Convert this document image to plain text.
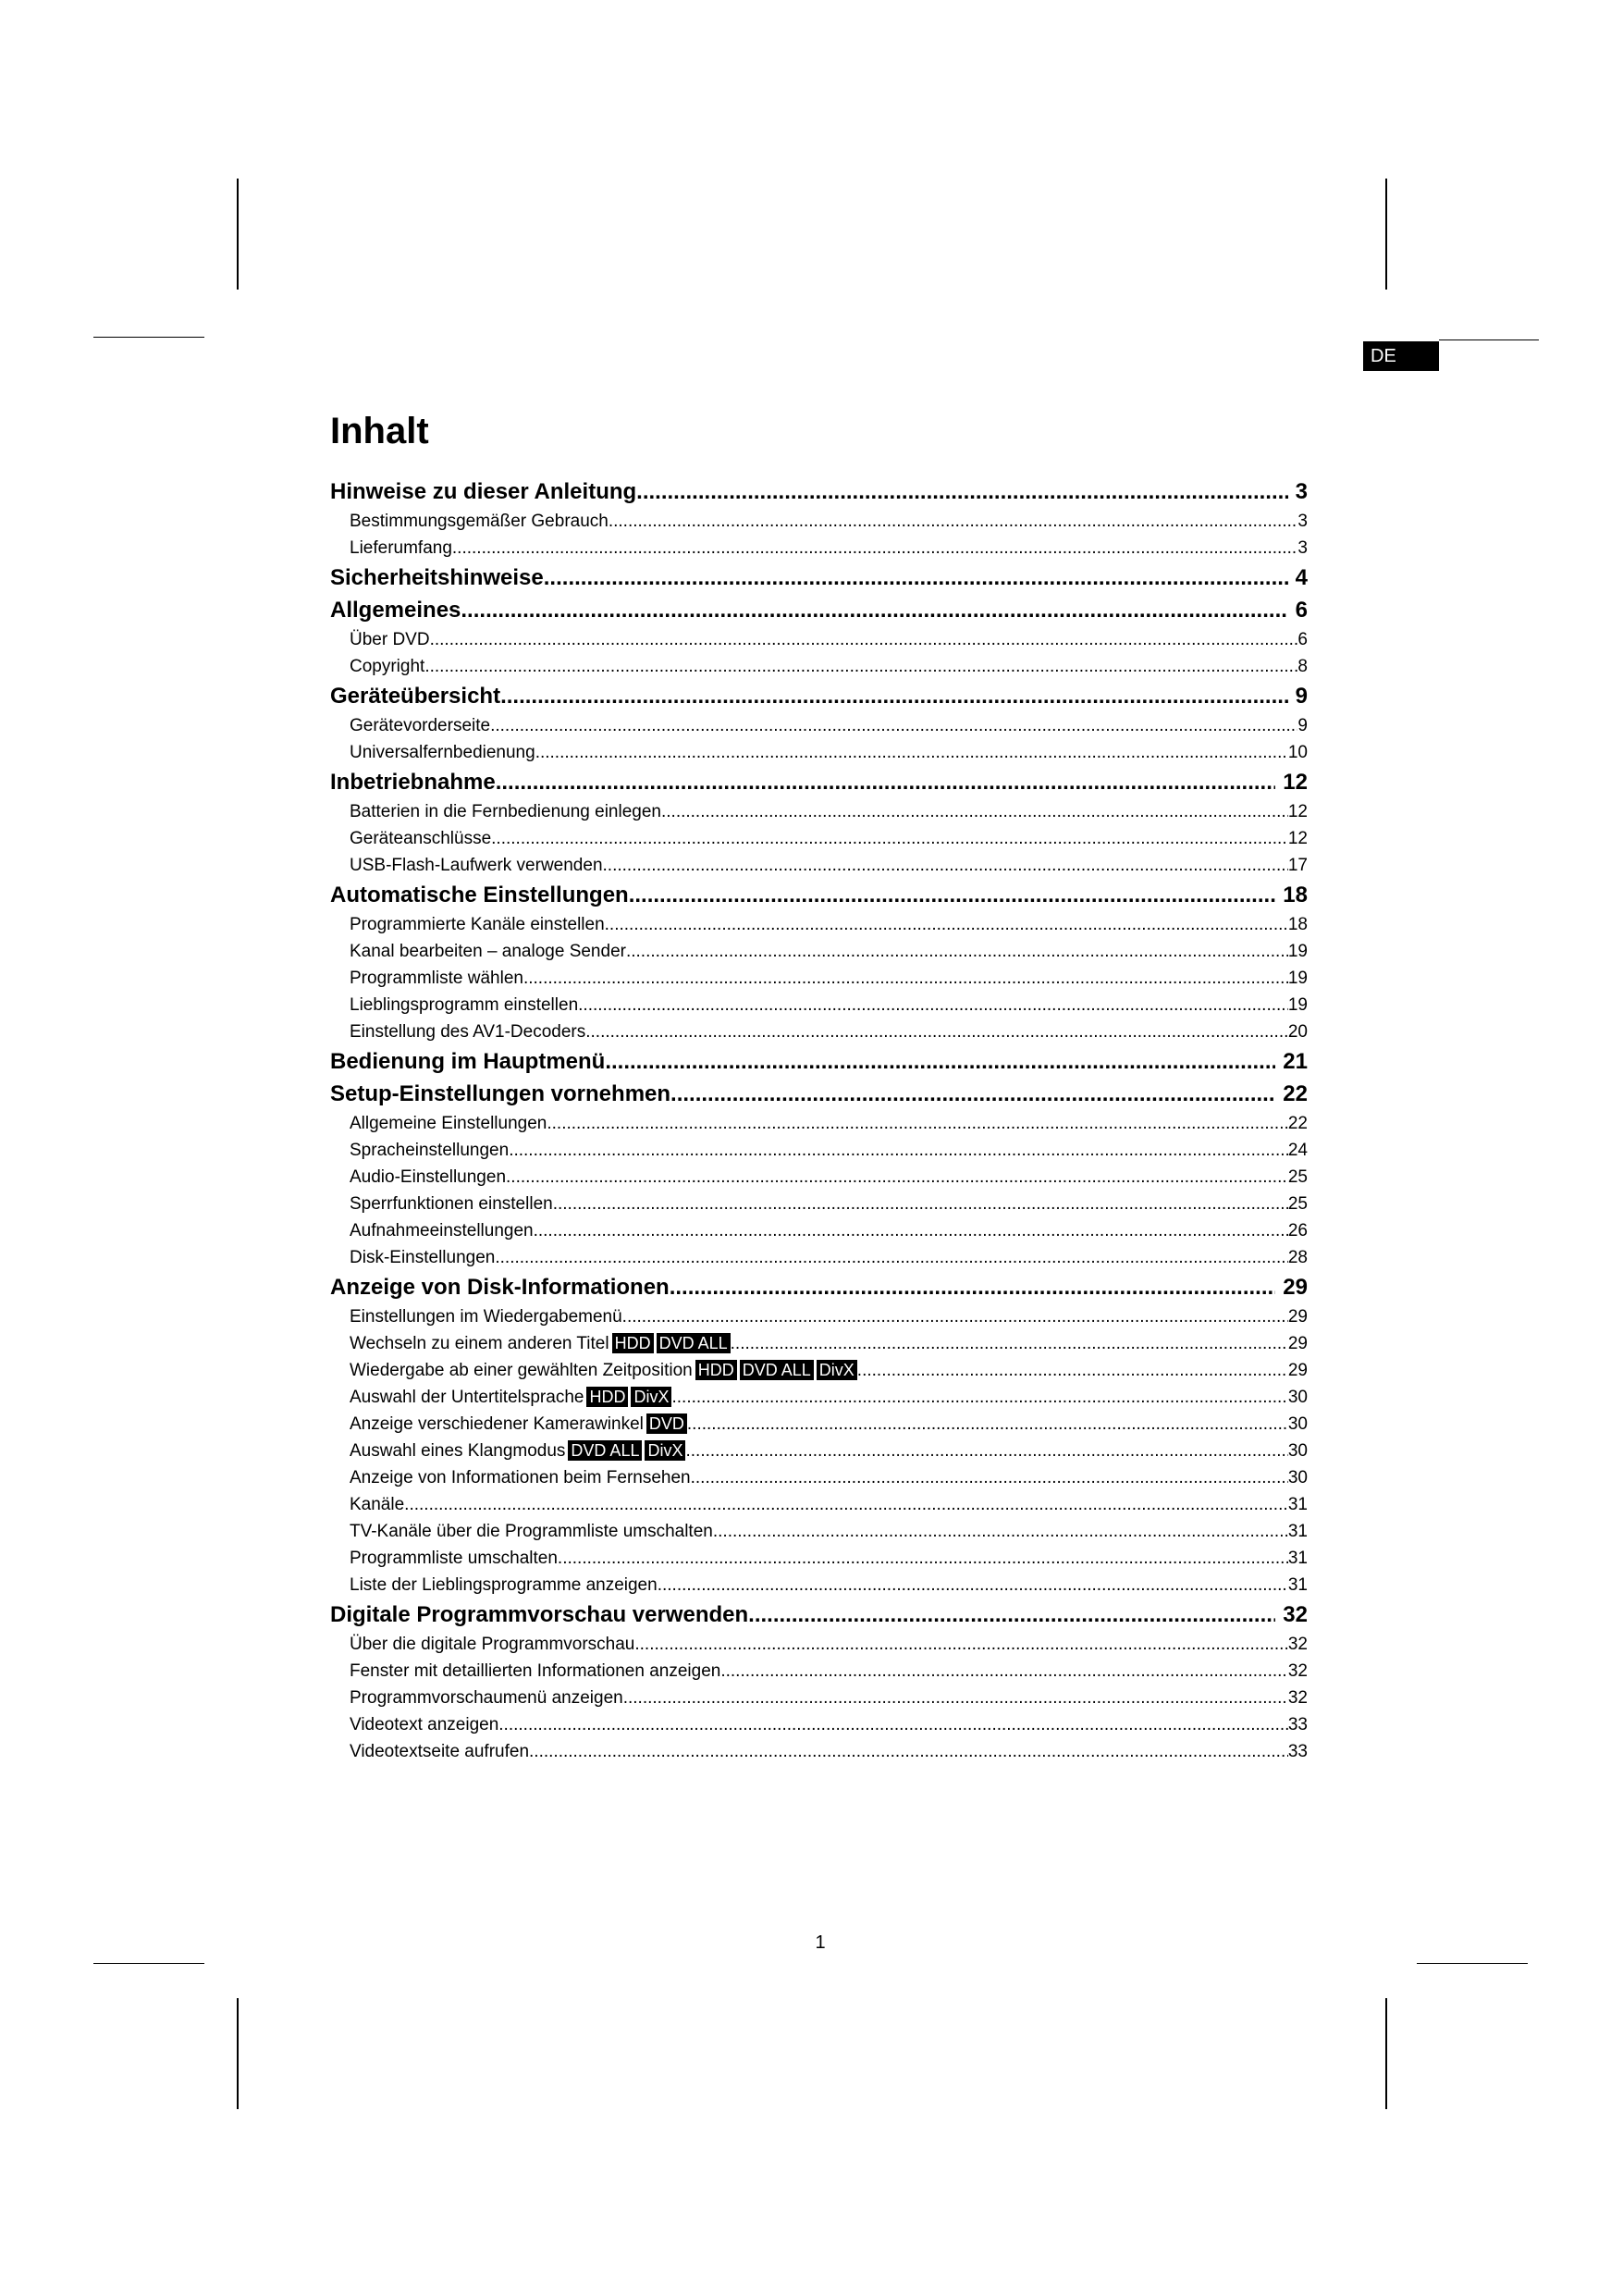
DE
Inhalt
Hinweise zu dieser Anleitung .....	3
Bestimmungsgemäßer Gebrauch .....	3
Lieferumfang .....	3
Sicherheitshinweise .....	4
Allgemeines .....	6
Über DVD .....	6
Copyright .....	8
Geräteübersicht .....	9
Gerätevorderseite .....	9
Universalfernbedienung .....	10
Inbetriebnahme .....	12
Batterien in die Fernbedienung einlegen .....	12
Geräteanschlüsse .....	12
USB-Flash-Laufwerk verwenden .....	17
Automatische Einstellungen .....	18
Programmierte Kanäle einstellen .....	18
Kanal bearbeiten – analoge Sender .....	19
Programmliste wählen .....	19
Lieblingsprogramm einstellen .....	19
Einstellung des AV1-Decoders .....	20
Bedienung im Hauptmenü .....	21
Setup-Einstellungen vornehmen .....	22
Allgemeine Einstellungen .....	22
Spracheinstellungen .....	24
Audio-Einstellungen .....	25
Sperrfunktionen einstellen .....	25
Aufnahmeeinstellungen .....	26
Disk-Einstellungen .....	28
Anzeige von Disk-Informationen .....	29
Einstellungen im Wiedergabemenü .....	29
Wechseln zu einem anderen Titel HDD DVD ALL .....	29
Wiedergabe ab einer gewählten Zeitposition HDD DVD ALL DivX .....	29
Auswahl der Untertitelsprache HDD DivX .....	30
Anzeige verschiedener Kamerawinkel DVD .....	30
Auswahl eines Klangmodus DVD ALL DivX .....	30
Anzeige von Informationen beim Fernsehen .....	30
Kanäle .....	31
TV-Kanäle über die Programmliste umschalten .....	31
Programmliste umschalten .....	31
Liste der Lieblingsprogramme anzeigen .....	31
Digitale Programmvorschau verwenden .....	32
Über die digitale Programmvorschau .....	32
Fenster mit detaillierten Informationen anzeigen .....	32
Programmvorschaumenü anzeigen .....	32
Videotext anzeigen .....	33
Videotextseite aufrufen .....	33
1
